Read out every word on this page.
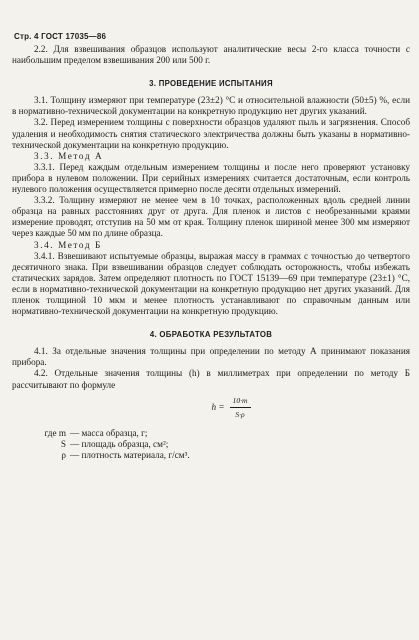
Стр. 4 ГОСТ 17035—86

2.2. Для взвешивания образцов используют аналитические весы 2-го класса точности с наибольшим пределом взвешивания 200 или 500 г.

3. ПРОВЕДЕНИЕ ИСПЫТАНИЯ

3.1. Толщину измеряют при температуре (23±2) °С и относительной влажности (50±5) %, если в нормативно-технической документации на конкретную продукцию нет других указаний.

3.2. Перед измерением толщины с поверхности образцов удаляют пыль и загрязнения. Способ удаления и необходимость снятия статического электричества должны быть указаны в нормативно-технической документации на конкретную продукцию.

3.3. Метод А

3.3.1. Перед каждым отдельным измерением толщины и после него проверяют установку прибора в нулевом положении. При серийных измерениях считается достаточным, если контроль нулевого положения осуществляется примерно после десяти отдельных измерений.

3.3.2. Толщину измеряют не менее чем в 10 точках, расположенных вдоль средней линии образца на равных расстояниях друг от друга. Для пленок и листов с необрезанными краями измерение проводят, отступив на 50 мм от края. Толщину пленок шириной менее 300 мм измеряют через каждые 50 мм по длине образца.

3.4. Метод Б

3.4.1. Взвешивают испытуемые образцы, выражая массу в граммах с точностью до четвертого десятичного знака. При взвешивании образцов следует соблюдать осторожность, чтобы избежать статических зарядов. Затем определяют плотность по ГОСТ 15139—69 при температуре (23±1) °С, если в нормативно-технической документации на конкретную продукцию нет других указаний. Для пленок толщиной 10 мкм и менее плотность устанавливают по справочным данным или нормативно-технической документации на конкретную продукцию.

4. ОБРАБОТКА РЕЗУЛЬТАТОВ

4.1. За отдельные значения толщины при определении по методу А принимают показания прибора.

4.2. Отдельные значения толщины (h) в миллиметрах при определении по методу Б рассчитывают по формуле

$h = \frac{10\cdot m}{S\cdot\rho}$
где m — масса образца, г;
S — площадь образца, см²;
ρ — плотность материала, г/см³.
